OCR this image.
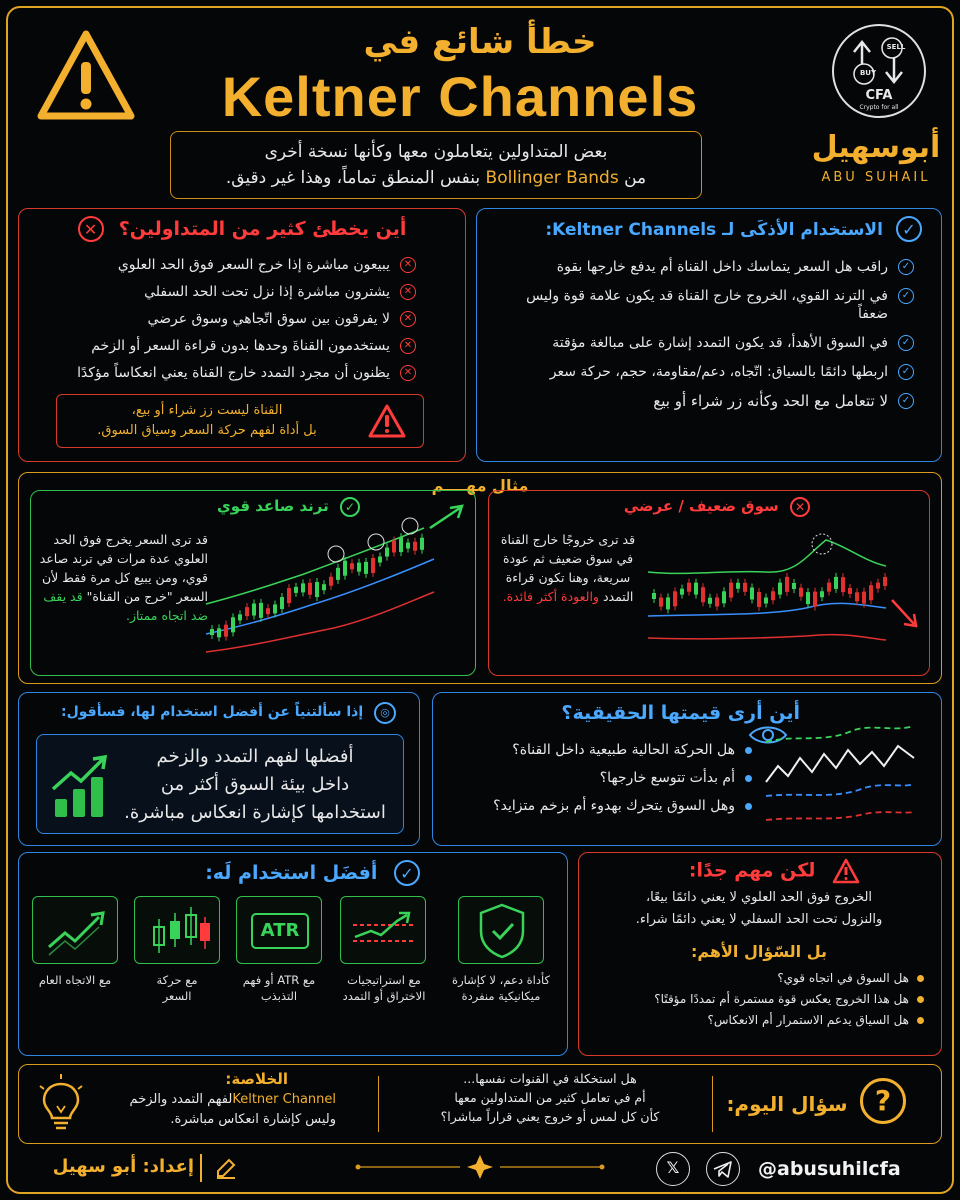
خطأ شائع في
Keltner Channels
بعض المتداولين يتعاملون معها وكأنها نسخة أخرى
من Bollinger Bands بنفس المنطق تماماً، وهذا غير دقيق.
SELL
BUY
CFA
Crypto for all
أبوسهيل
ABU SUHAIL
أين يخطئ كثير من المتداولين؟ ✕
✕
يبيعون مباشرة إذا خرج السعر فوق الحد العلوي
✕
يشترون مباشرة إذا نزل تحت الحد السفلي
✕
لا يفرقون بين سوق اتّجاهي وسوق عرضي
✕
يستخدمون القناةَ وحدها بدون قراءة السعر أو الزخم
✕
يظنون أن مجرد التمدد خارج القناة يعني انعكاساً مؤكدًا
القناة ليست زز شراء أو بيع،
بل أداة لفهم حركة السعر وسياق السوق.
✓ الاستخدام الأذكَى لـ Keltner Channels:
✓
راقب هل السعر يتماسك داخل القناة أم يدفع خارجها بقوة
✓
في الترند القوي، الخروج خارج القناة قد يكون علامة قوة وليس ضعفاً
✓
في السوق الأهدأ، قد يكون التمدد إشارة على مبالغة مؤقتة
✓
اربطها دائمًا بالسياق: اتّجاه، دعم/مقاومة، حجم، حركة سعر
✓
لا تتعامل مع الحد وكأنه زر شراء أو بيع
مثال مهــــم
✓ ترند صاعد قوي
قد ترى السعر يخرج فوق الحد العلوي عدة مرات في ترند صاعد قوي، ومن يبيع كل مرة فقط لأن السعر "خرج من القناة" قد يقف ضد اتجاه ممتاز.
✕ سوق ضعيف / عرضي
قد ترى خروجًا خارج القناة في سوق ضعيف ثم عودة سريعة، وهنا تكون قراءة التمدد والعودة أكثر فائدة.
◎ إذا سألتنياً عن أفضل استخدام لها، فسأقول:
أفضلها لفهم التمدد والزخم
داخل بيئة السوق أكثر من
استخدامها كإشارة انعكاس مباشرة.
أين أرى قيمتها الحقيقية؟
هل الحركة الحالية طبيعية داخل القناة؟
أم بدأت تتوسع خارجها؟
وهل السوق يتحرك بهدوء أم بزخم متزايد؟
✓ أفضَل استخدام لَه:
ATR
مع الاتجاه العام	مع حركة السعر
مع ATR أو فهم التذبذب
مع استراتيجيات الاختراق أو التمدد
كأداة دعم، لا كإشارة ميكانيكية منفردة
لكن مهم جدًا:
الخروج فوق الحد العلوي لا يعني دائمًا بيعًا،
والنزول تحت الحد السفلي لا يعني دائمًا شراء.
بل السّؤال الأهم:
هل السوق في اتجاه قوي؟
هل هذا الخروج يعكس قوة مستمرة أم تمددًا مؤقتًا؟
هل السياق يدعم الاستمرار أم الانعكاس؟
الخلاصة:
Keltner Channelلفهم التمدد والزخم
وليس كإشارة انعكاس مباشرة.
هل استخكلة في القنوات نفسها...
أم في تعامل كثير من المتداولين معها
كأن كل لمس أو خروج يعني قراراً مباشرا؟
سؤال اليوم: ?
إعداد: أبو سهيل	𝕏	@abusuhilcfa
